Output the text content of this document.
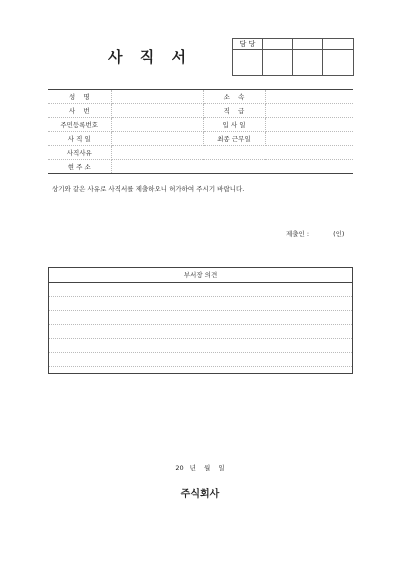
사 직 서
담 당			

성    명		소    속	
사    번		직    급	
주민등록번호		입 사 일	
사 직 일		최종 근무일	
사직사유			
현 주 소			
상기와 같은 사유로 사직서를 제출하오니 허가하여 주시기 바랍니다.
제출인 :	(인)
부서장 의견
20 년 월 일
주식회사
